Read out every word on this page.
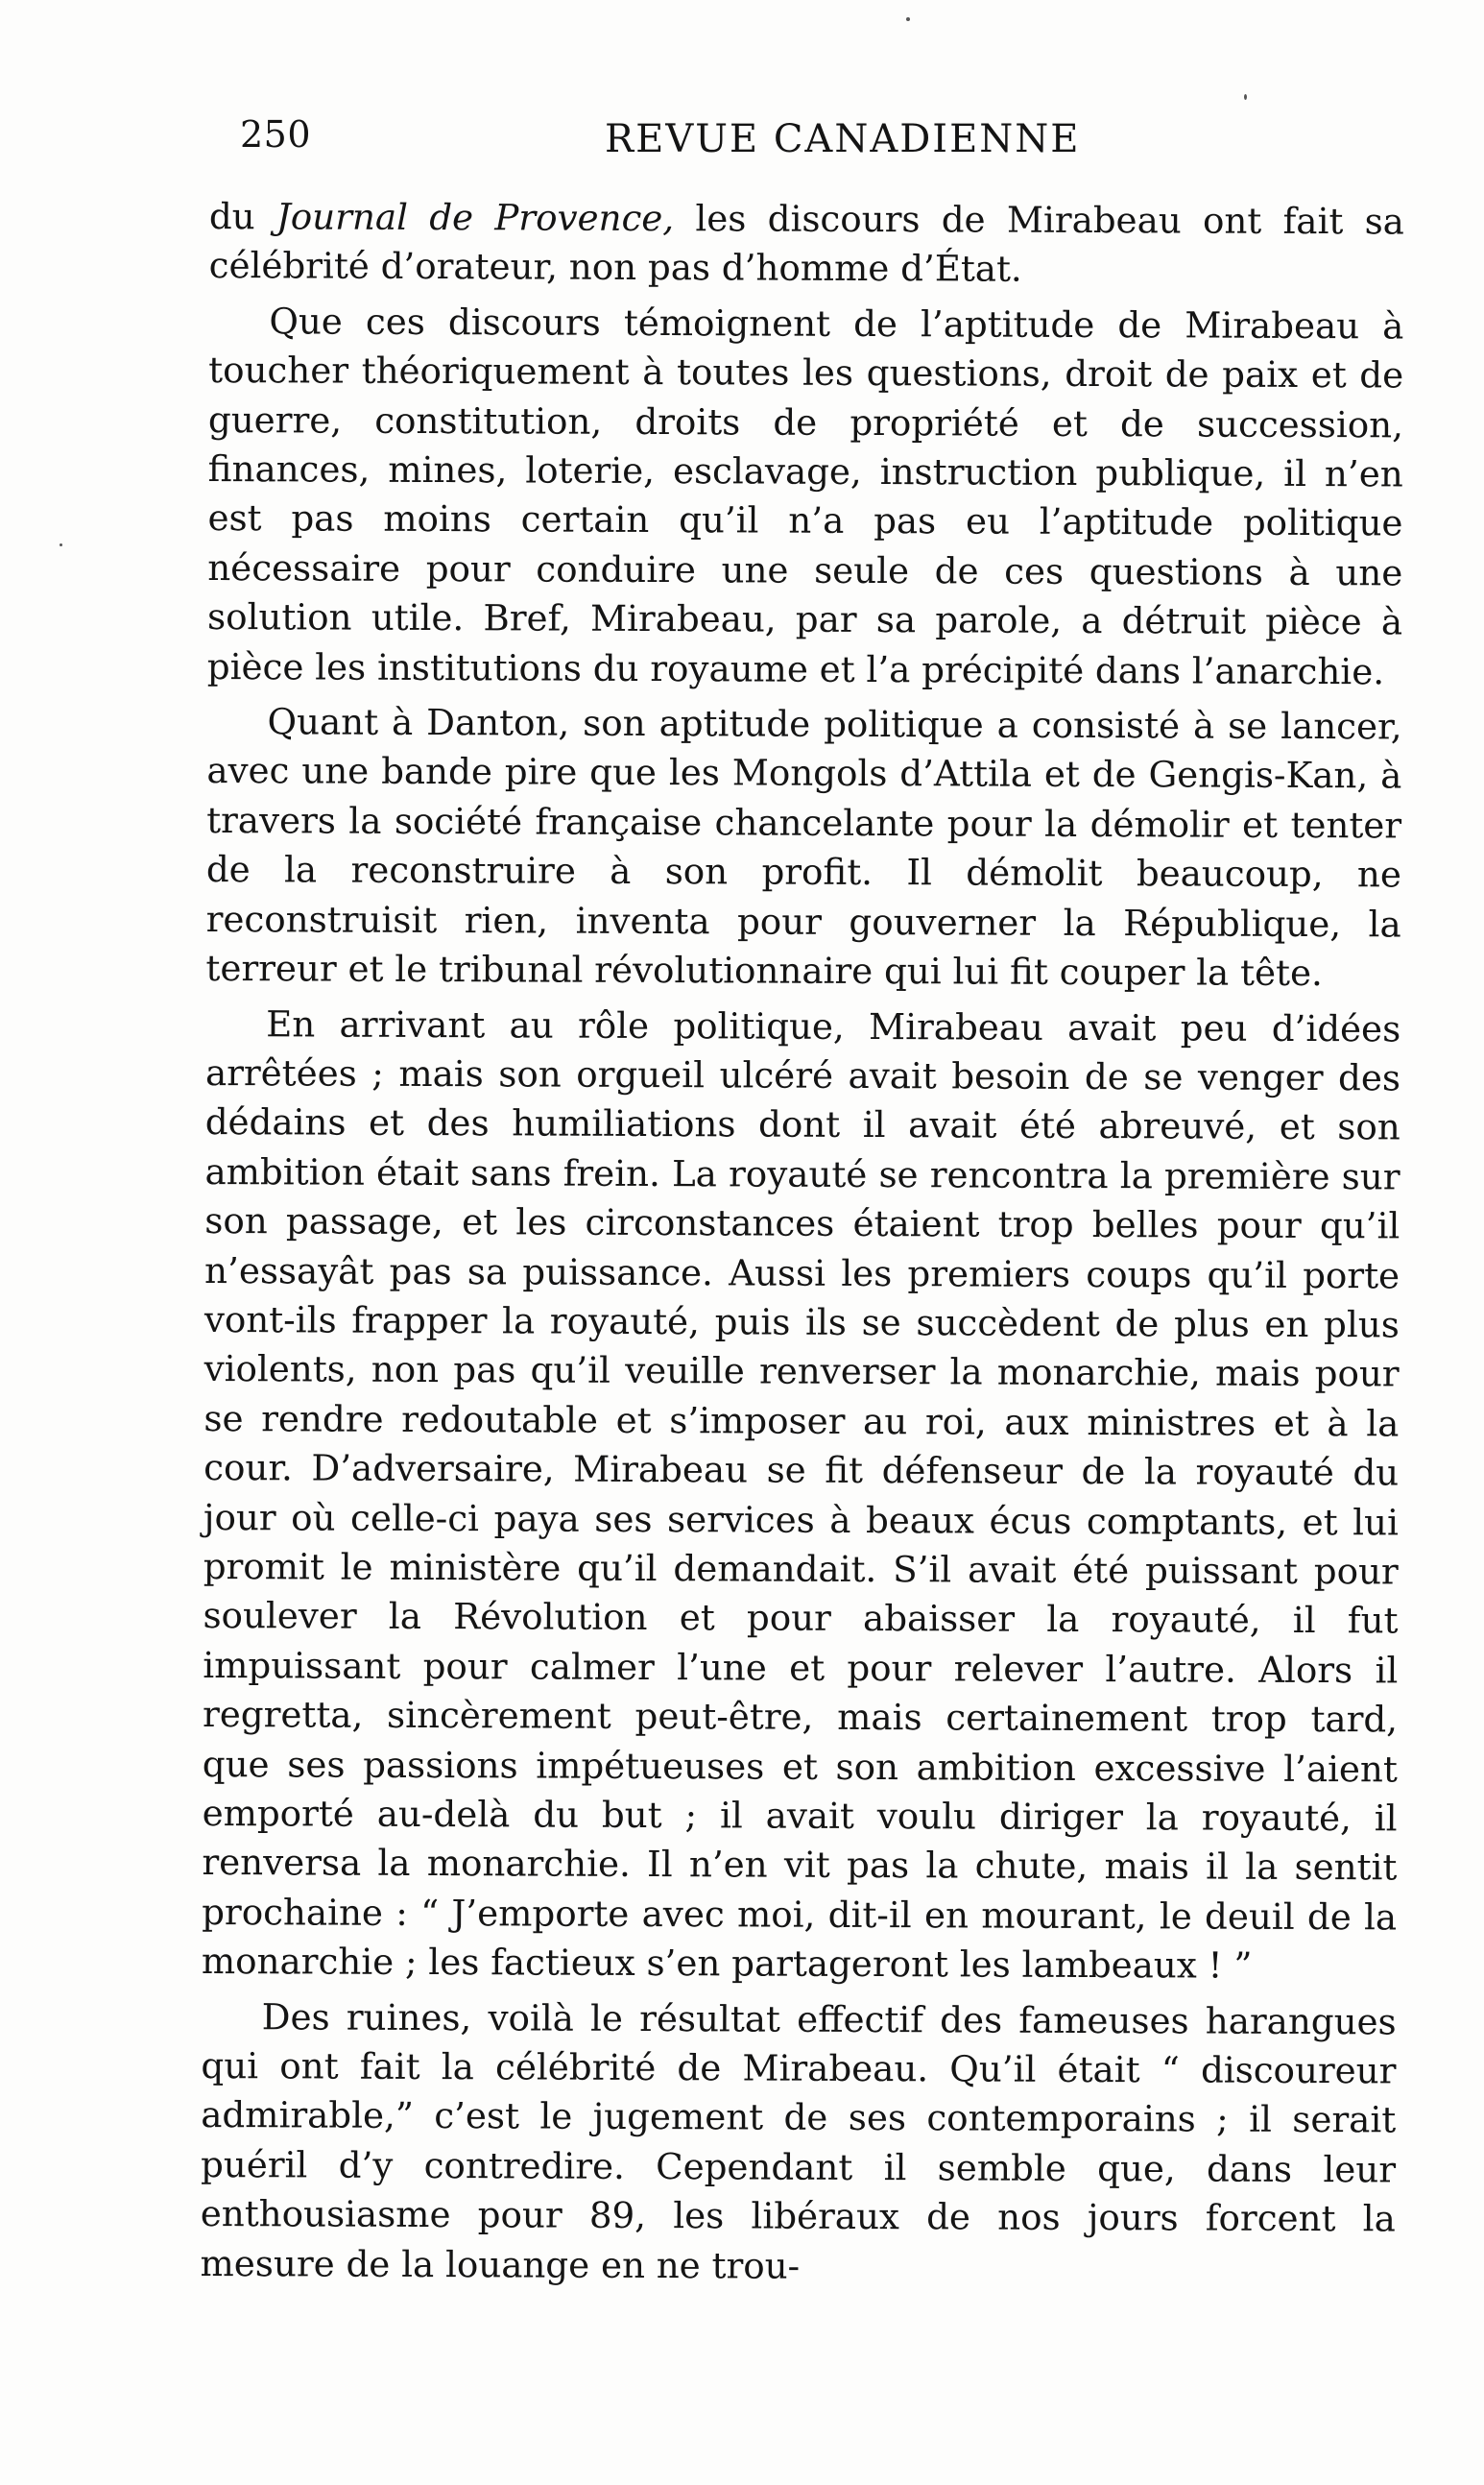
250	REVUE CANADIENNE

du Journal de Provence, les discours de Mirabeau ont fait sa célébrité d’orateur, non pas d’homme d’État.

Que ces discours témoignent de l’aptitude de Mirabeau à toucher théoriquement à toutes les questions, droit de paix et de guerre, constitution, droits de propriété et de succession, finances, mines, loterie, esclavage, instruction publique, il n’en est pas moins certain qu’il n’a pas eu l’aptitude politique nécessaire pour conduire une seule de ces questions à une solution utile. Bref, Mirabeau, par sa parole, a détruit pièce à pièce les institutions du royaume et l’a précipité dans l’anarchie.

Quant à Danton, son aptitude politique a consisté à se lancer, avec une bande pire que les Mongols d’Attila et de Gengis-Kan, à travers la société française chancelante pour la démolir et tenter de la reconstruire à son profit. Il démolit beaucoup, ne reconstruisit rien, inventa pour gouverner la République, la terreur et le tribunal révolutionnaire qui lui fit couper la tête.

En arrivant au rôle politique, Mirabeau avait peu d’idées arrêtées ; mais son orgueil ulcéré avait besoin de se venger des dédains et des humiliations dont il avait été abreuvé, et son ambition était sans frein. La royauté se rencontra la première sur son passage, et les circonstances étaient trop belles pour qu’il n’essayât pas sa puissance. Aussi les premiers coups qu’il porte vont-ils frapper la royauté, puis ils se succèdent de plus en plus violents, non pas qu’il veuille renverser la monarchie, mais pour se rendre redoutable et s’imposer au roi, aux ministres et à la cour. D’adversaire, Mirabeau se fit défenseur de la royauté du jour où celle-ci paya ses services à beaux écus comptants, et lui promit le ministère qu’il demandait. S’il avait été puissant pour soulever la Révolution et pour abaisser la royauté, il fut impuissant pour calmer l’une et pour relever l’autre. Alors il regretta, sincèrement peut-être, mais certainement trop tard, que ses passions impétueuses et son ambition excessive l’aient emporté au-delà du but ; il avait voulu diriger la royauté, il renversa la monarchie. Il n’en vit pas la chute, mais il la sentit prochaine : “ J’emporte avec moi, dit-il en mourant, le deuil de la monarchie ; les factieux s’en partageront les lambeaux ! ”

Des ruines, voilà le résultat effectif des fameuses harangues qui ont fait la célébrité de Mirabeau. Qu’il était “ discoureur admirable,” c’est le jugement de ses contemporains ; il serait puéril d’y contredire. Cependant il semble que, dans leur enthousiasme pour 89, les libéraux de nos jours forcent la mesure de la louange en ne trou-
